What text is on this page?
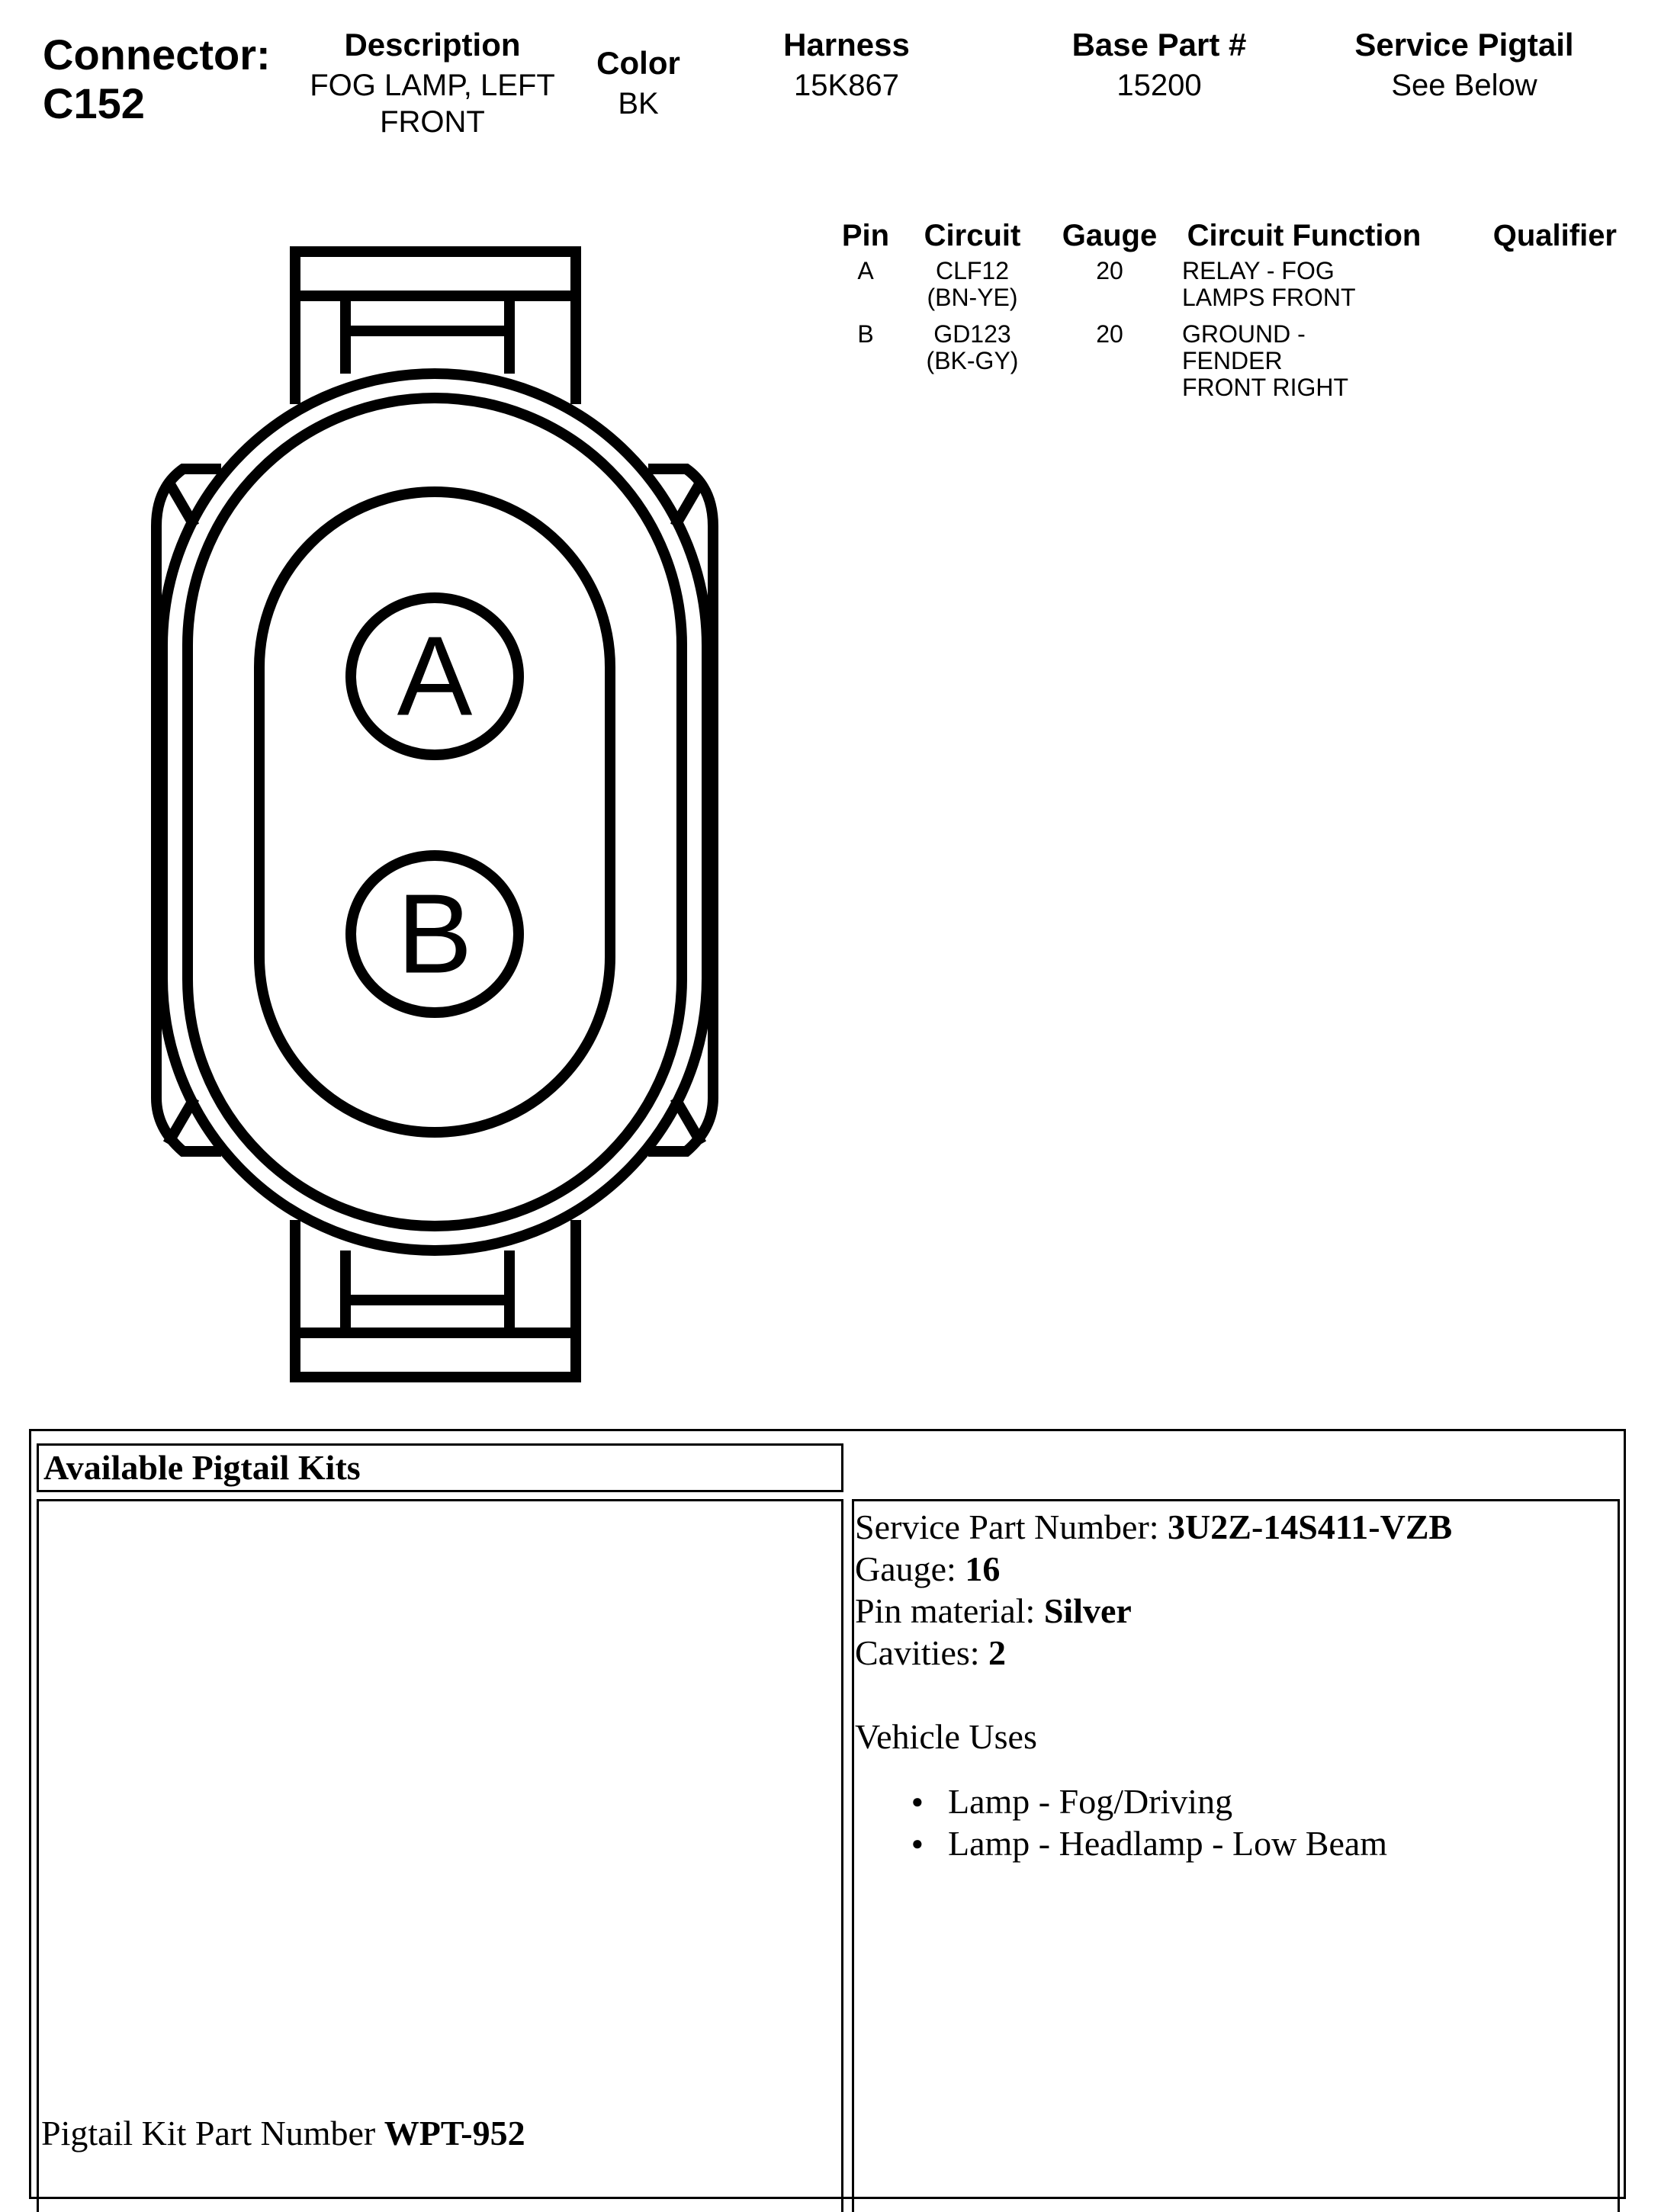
Connector:
C152
Description
FOG LAMP, LEFT FRONT
Color
BK
Harness
15K867
Base Part #
15200
Service Pigtail
See Below
Pin	Circuit	Gauge	Circuit Function	Qualifier
A	CLF12 (BN-YE)	20	RELAY - FOG LAMPS FRONT	
B	GD123 (BK-GY)	20	GROUND - FENDER FRONT RIGHT	
A
B
Available Pigtail Kits
Pigtail Kit Part Number WPT-952
Service Part Number: 3U2Z-14S411-VZB
Gauge: 16
Pin material: Silver
Cavities: 2
Vehicle Uses
● Lamp - Fog/Driving
● Lamp - Headlamp - Low Beam
